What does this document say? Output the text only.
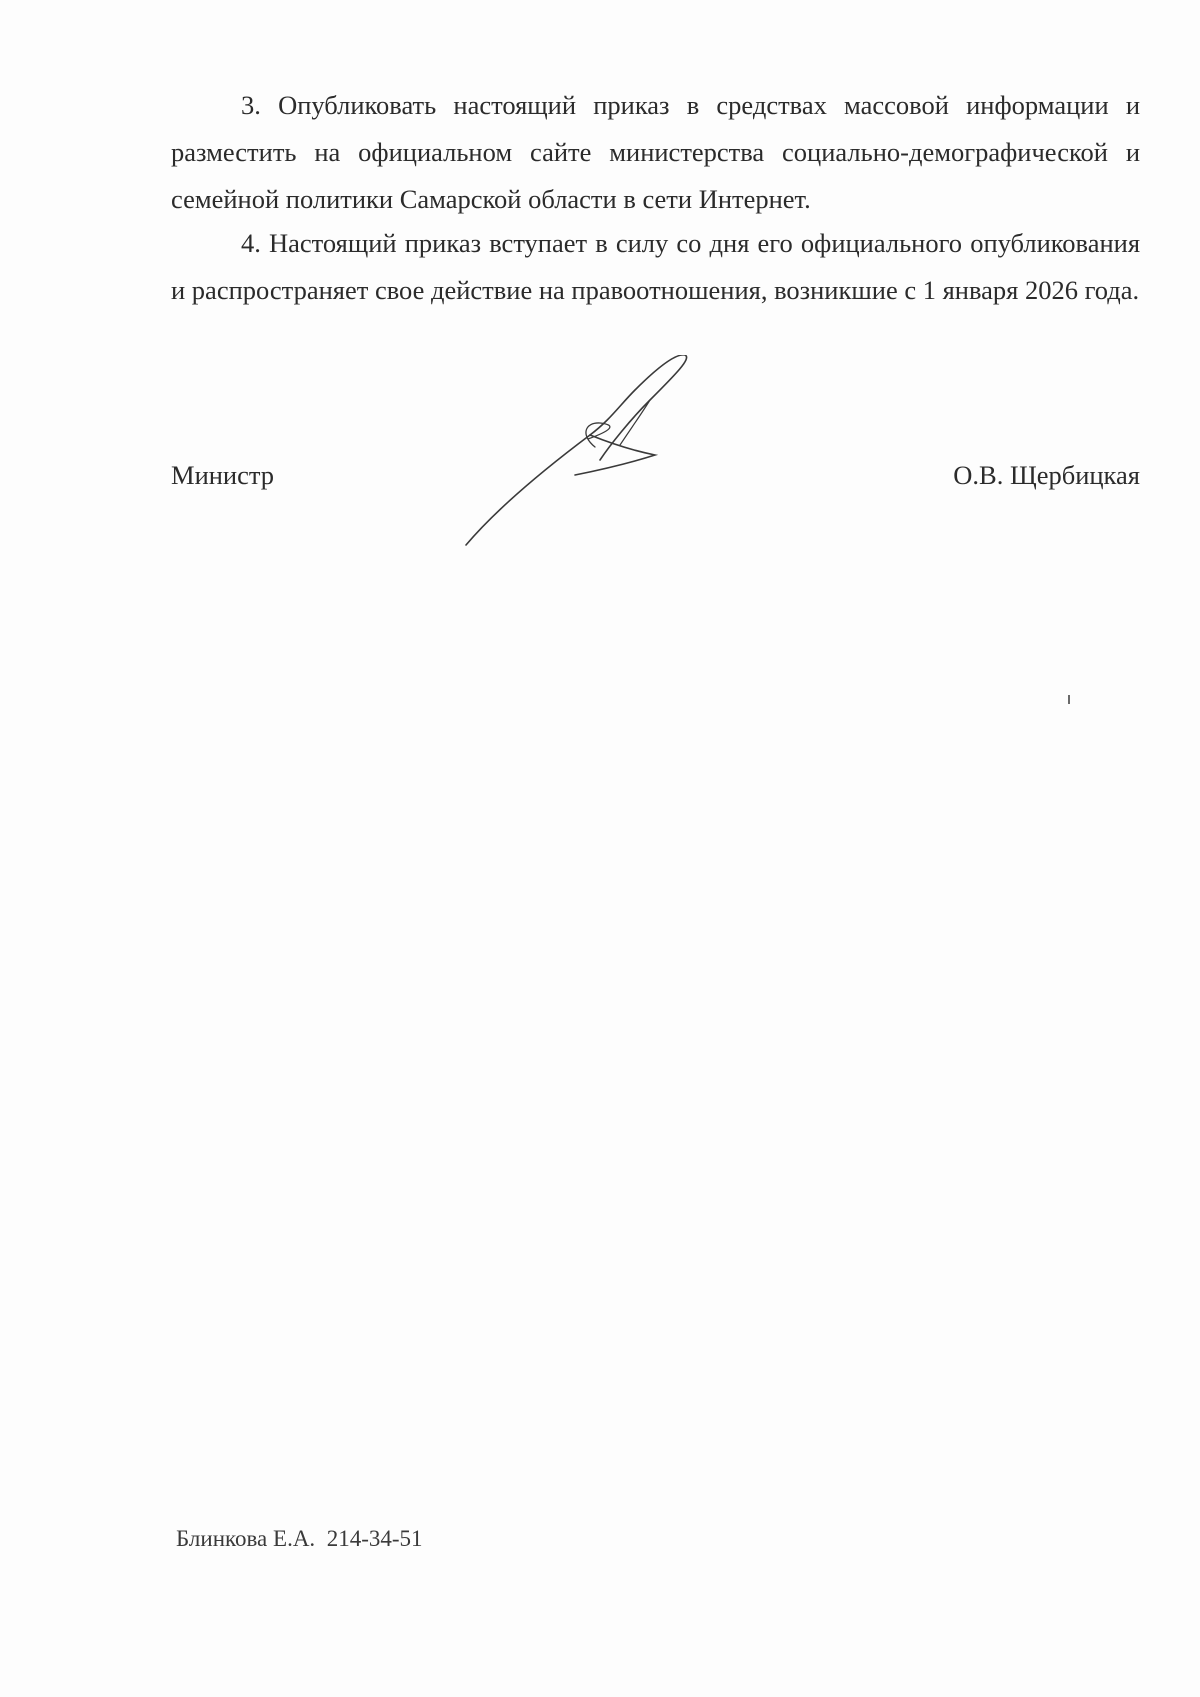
3. Опубликовать настоящий приказ в средствах массовой информации и разместить на официальном сайте министерства социально-демографической и семейной политики Самарской области в сети Интернет.

4. Настоящий приказ вступает в силу со дня его официального опубликования и распространяет свое действие на правоотношения, возникшие с 1 января 2026 года.

Министр	О.В. Щербицкая
Блинкова Е.А. 214-34-51
